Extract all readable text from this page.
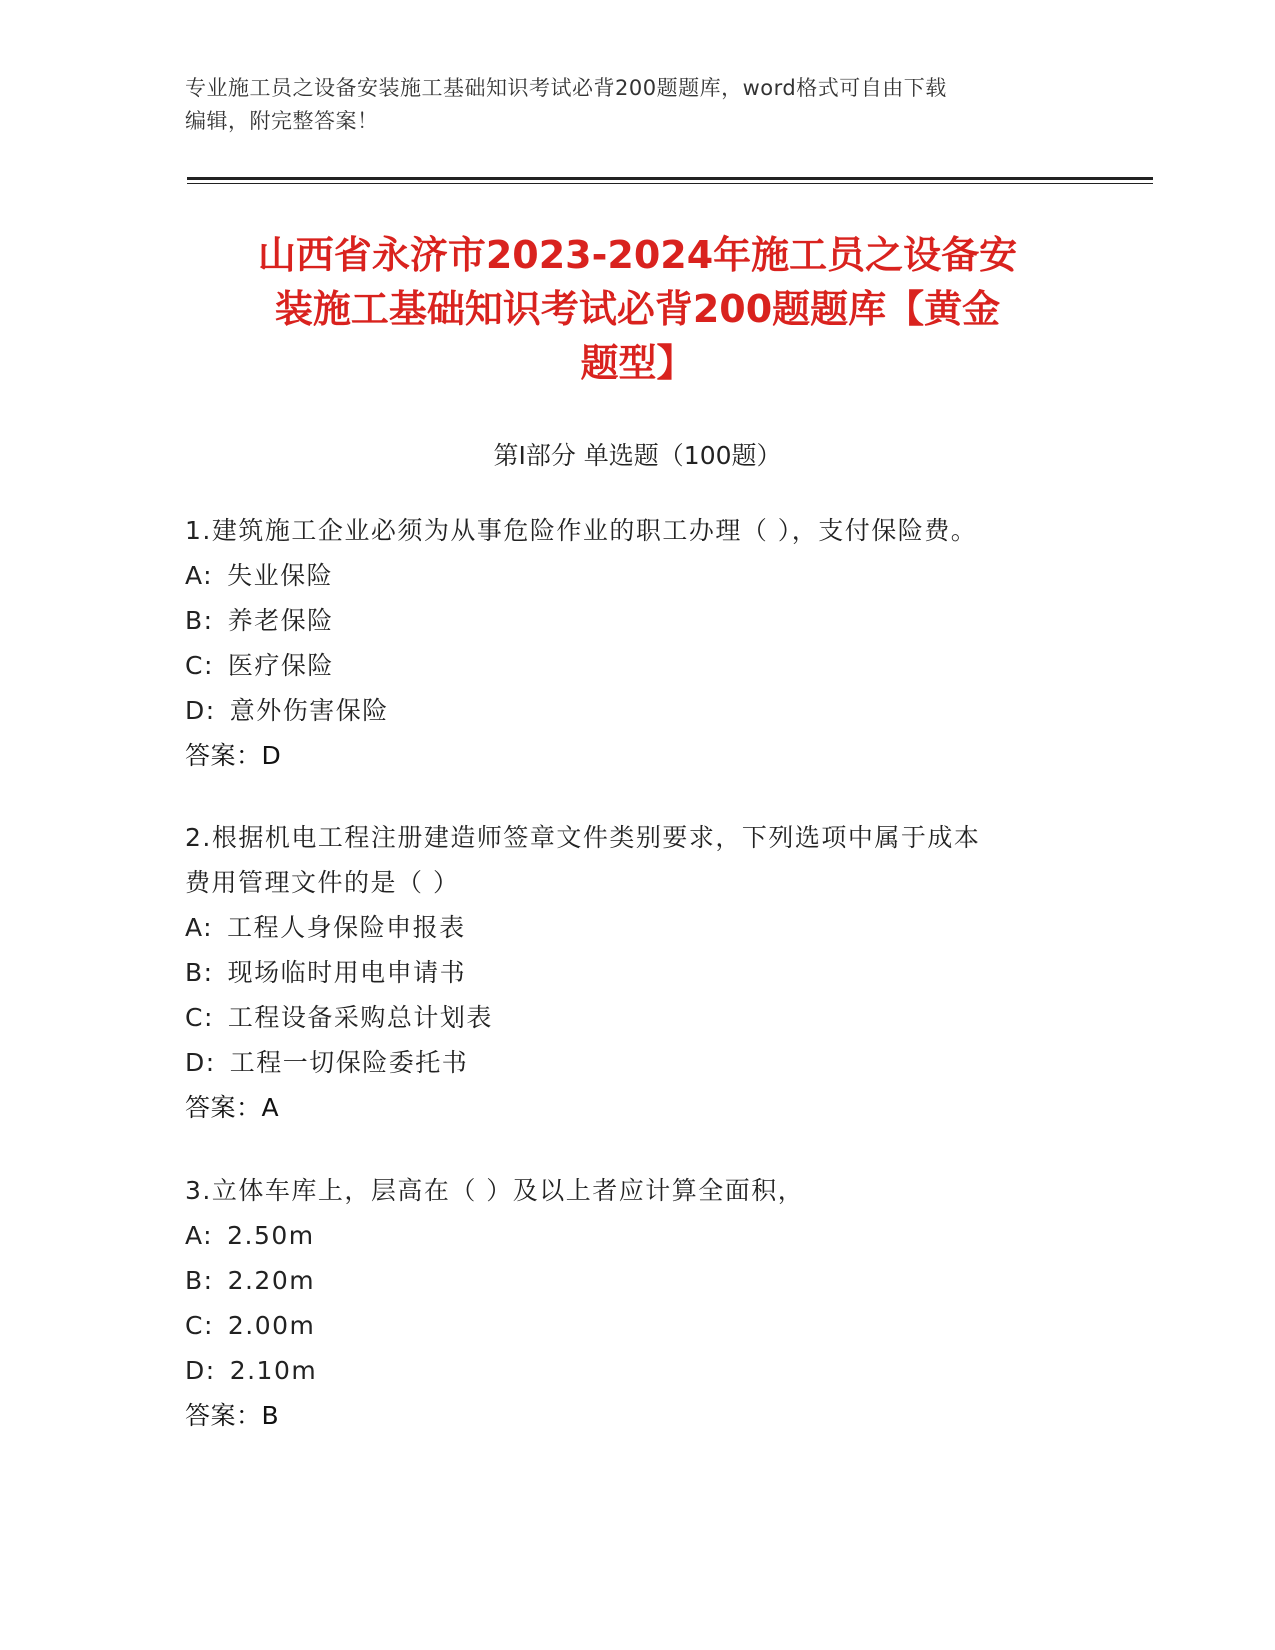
专业施工员之设备安装施工基础知识考试必背200题题库，word格式可自由下载
编辑，附完整答案！
山西省永济市2023-2024年施工员之设备安
装施工基础知识考试必背200题题库【黄金
题型】
第Ⅰ部分 单选题（100题）
1.建筑施工企业必须为从事危险作业的职工办理（ ），支付保险费。
A: 失业保险
B: 养老保险
C: 医疗保险
D: 意外伤害保险
答案：D
2.根据机电工程注册建造师签章文件类别要求，下列选项中属于成本
费用管理文件的是（ ）
A: 工程人身保险申报表
B: 现场临时用电申请书
C: 工程设备采购总计划表
D: 工程一切保险委托书
答案：A
3.立体车库上，层高在（ ）及以上者应计算全面积，
A: 2.50m
B: 2.20m
C: 2.00m
D: 2.10m
答案：B
